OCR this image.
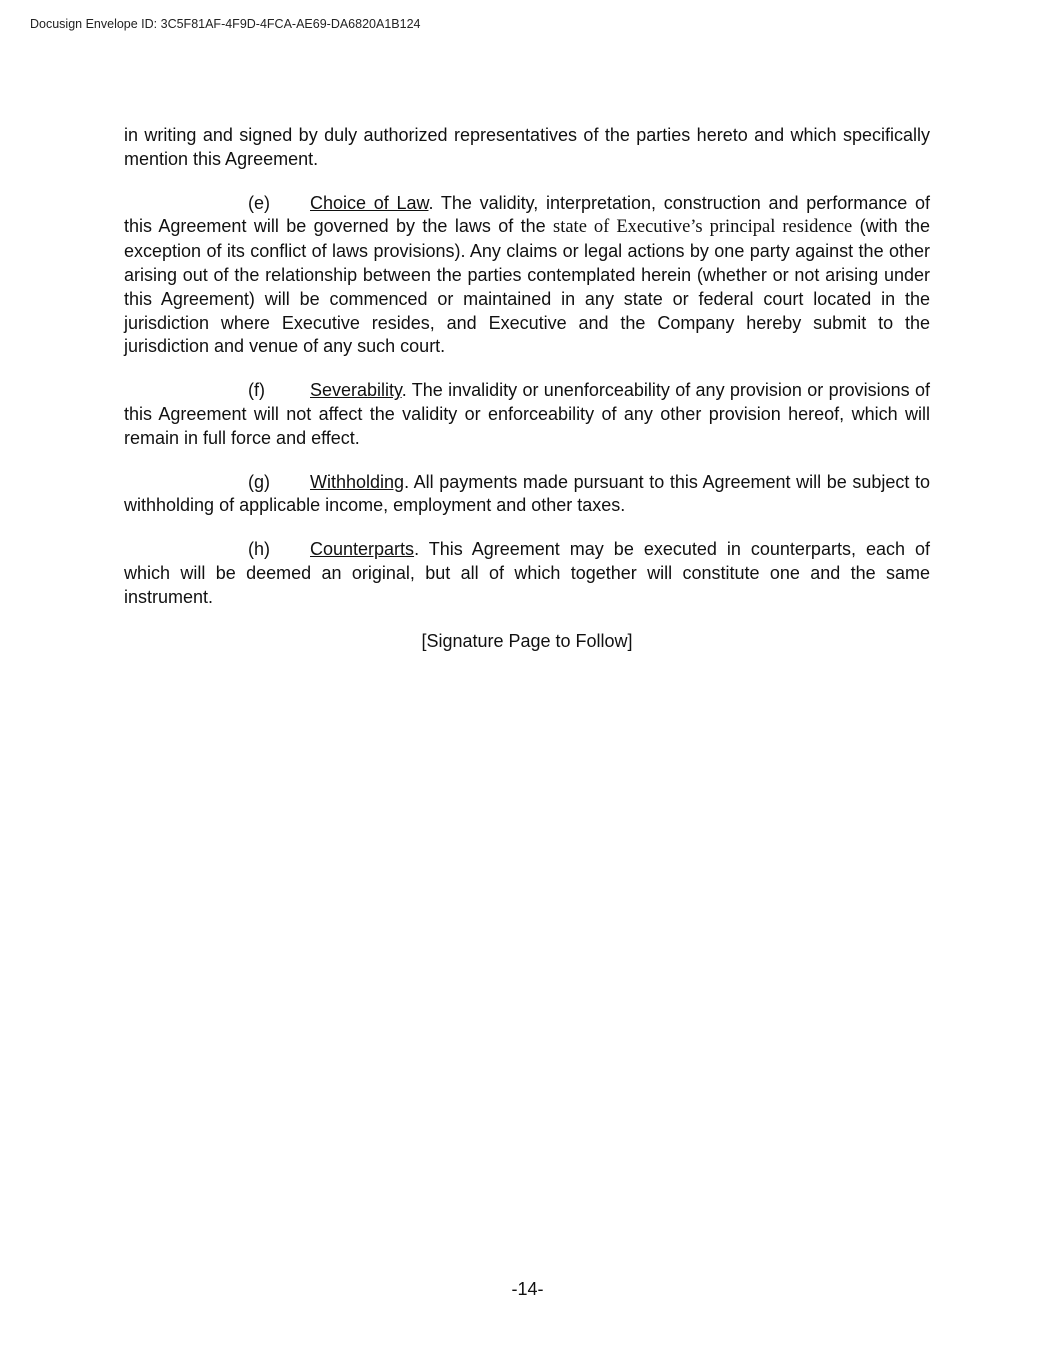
Docusign Envelope ID: 3C5F81AF-4F9D-4FCA-AE69-DA6820A1B124

in writing and signed by duly authorized representatives of the parties hereto and which specifically mention this Agreement.

(e) Choice of Law. The validity, interpretation, construction and performance of this Agreement will be governed by the laws of the state of Executive’s principal residence (with the exception of its conflict of laws provisions). Any claims or legal actions by one party against the other arising out of the relationship between the parties contemplated herein (whether or not arising under this Agreement) will be commenced or maintained in any state or federal court located in the jurisdiction where Executive resides, and Executive and the Company hereby submit to the jurisdiction and venue of any such court.

(f)	Severability. The invalidity or unenforceability of any provision or provisions of this Agreement will not affect the validity or enforceability of any other provision hereof, which will remain in full force and effect.

(g) Withholding. All payments made pursuant to this Agreement will be subject to withholding of applicable income, employment and other taxes.

(h) Counterparts. This Agreement may be executed in counterparts, each of which will be deemed an original, but all of which together will constitute one and the same instrument.

[Signature Page to Follow]

-14-
